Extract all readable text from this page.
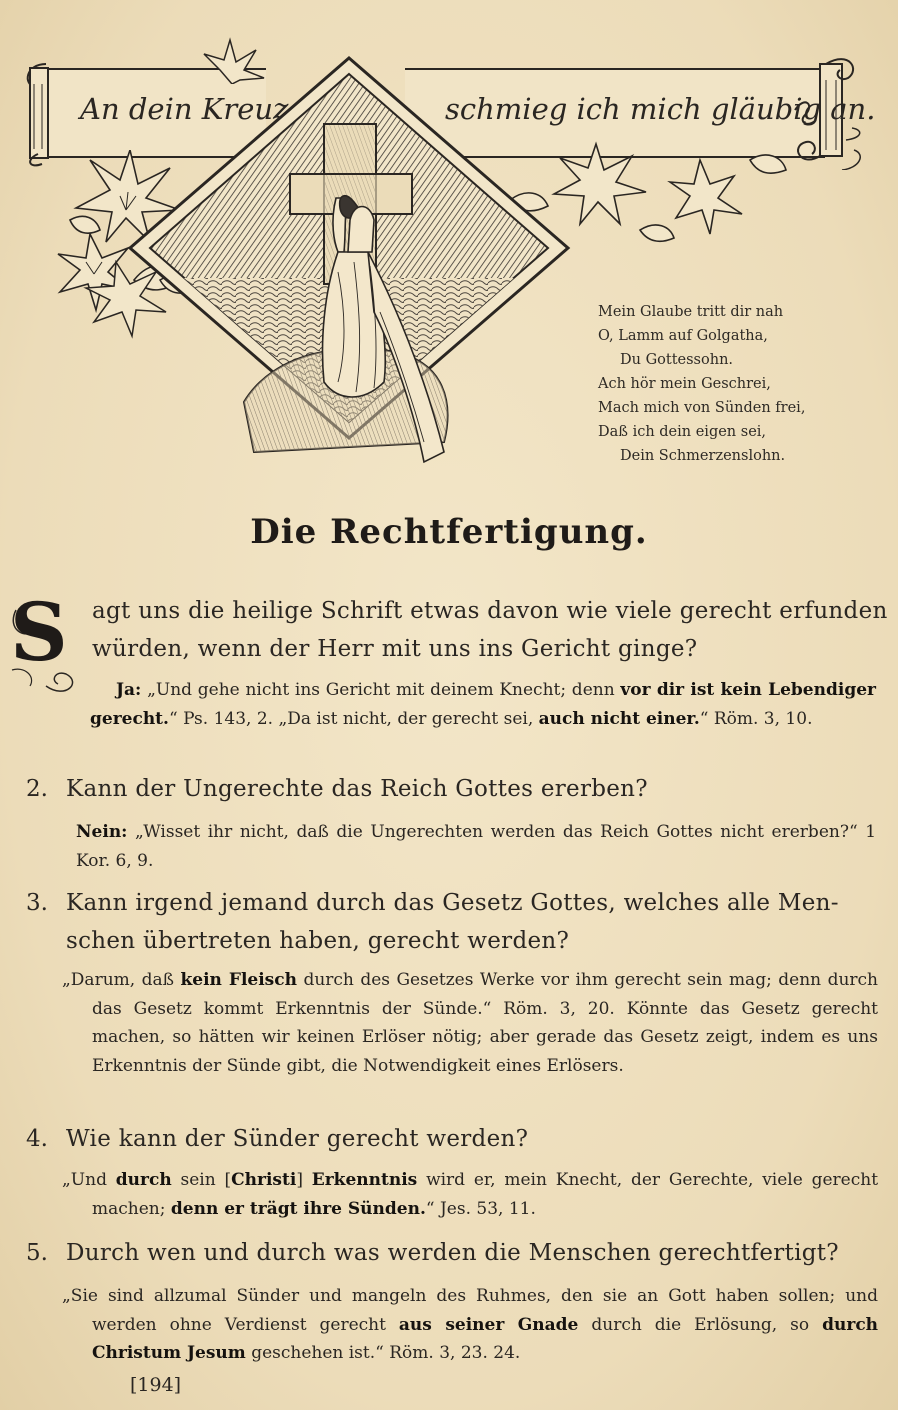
An dein Kreuz	schmieg ich mich gläubig an.
Mein Glaube tritt dir nah
O, Lamm auf Golgatha,
Du Gottessohn.
Ach hör mein Geschrei,
Mach mich von Sünden frei,
Daß ich dein eigen sei,
Dein Schmerzenslohn.
Die Rechtfertigung.
S agt uns die heilige Schrift etwas davon wie viele gerecht erfunden
würden, wenn der Herr mit uns ins Gericht ginge?
Ja: „Und gehe nicht ins Gericht mit deinem Knecht; denn vor dir ist kein Lebendiger gerecht.“ Ps. 143, 2. „Da ist nicht, der gerecht sei, auch nicht einer.“ Röm. 3, 10.
2. Kann der Ungerechte das Reich Gottes ererben?
Nein: „Wisset ihr nicht, daß die Ungerechten werden das Reich Gottes nicht ererben?“ 1 Kor. 6, 9.
3. Kann irgend jemand durch das Gesetz Gottes, welches alle Men-
schen übertreten haben, gerecht werden?
„Darum, daß kein Fleisch durch des Gesetzes Werke vor ihm gerecht sein mag; denn durch das Gesetz kommt Erkenntnis der Sünde.“ Röm. 3, 20. Könnte das Gesetz gerecht machen, so hätten wir keinen Erlöser nötig; aber gerade das Gesetz zeigt, indem es uns Erkenntnis der Sünde gibt, die Notwendigkeit eines Erlösers.
4. Wie kann der Sünder gerecht werden?
„Und durch sein [Christi] Erkenntnis wird er, mein Knecht, der Gerechte, viele gerecht machen; denn er trägt ihre Sünden.“ Jes. 53, 11.
5. Durch wen und durch was werden die Menschen gerechtfertigt?
„Sie sind allzumal Sünder und mangeln des Ruhmes, den sie an Gott haben sollen; und werden ohne Verdienst gerecht aus seiner Gnade durch die Erlösung, so durch Christum Jesum geschehen ist.“ Röm. 3, 23. 24.
[194]
